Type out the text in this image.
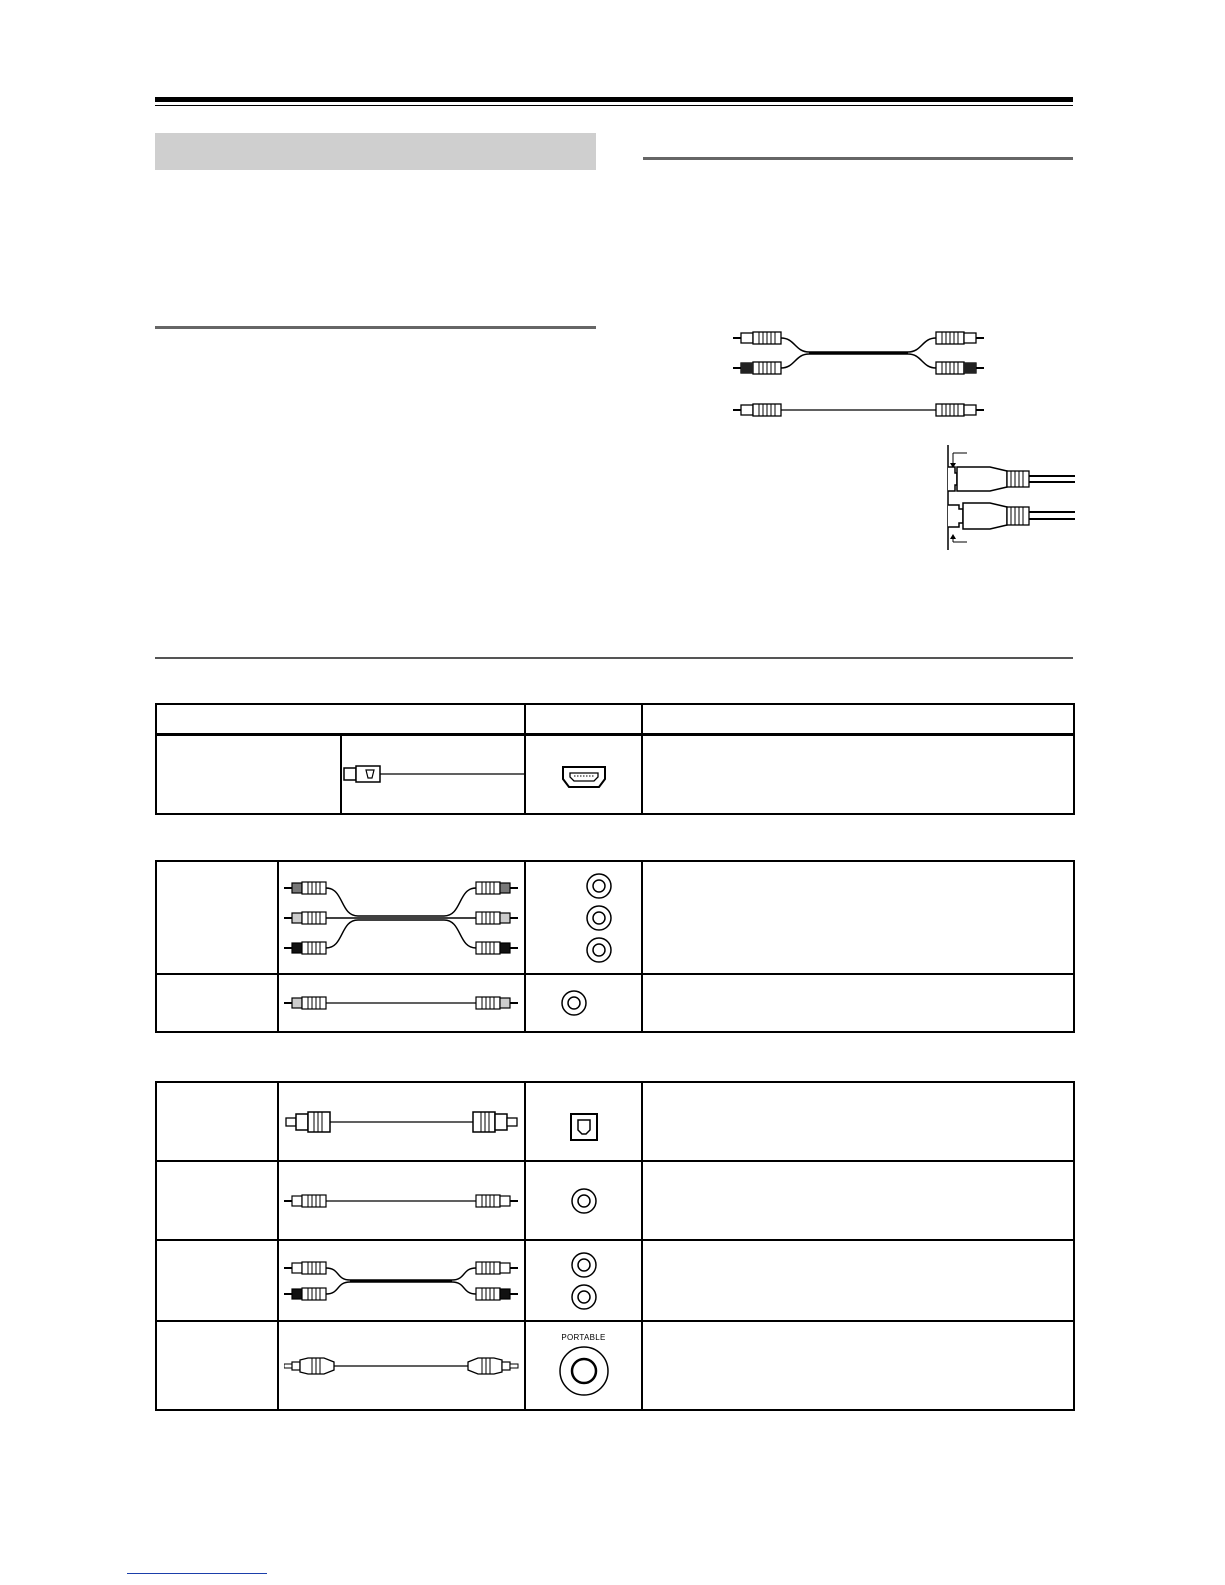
PORTABLE	
